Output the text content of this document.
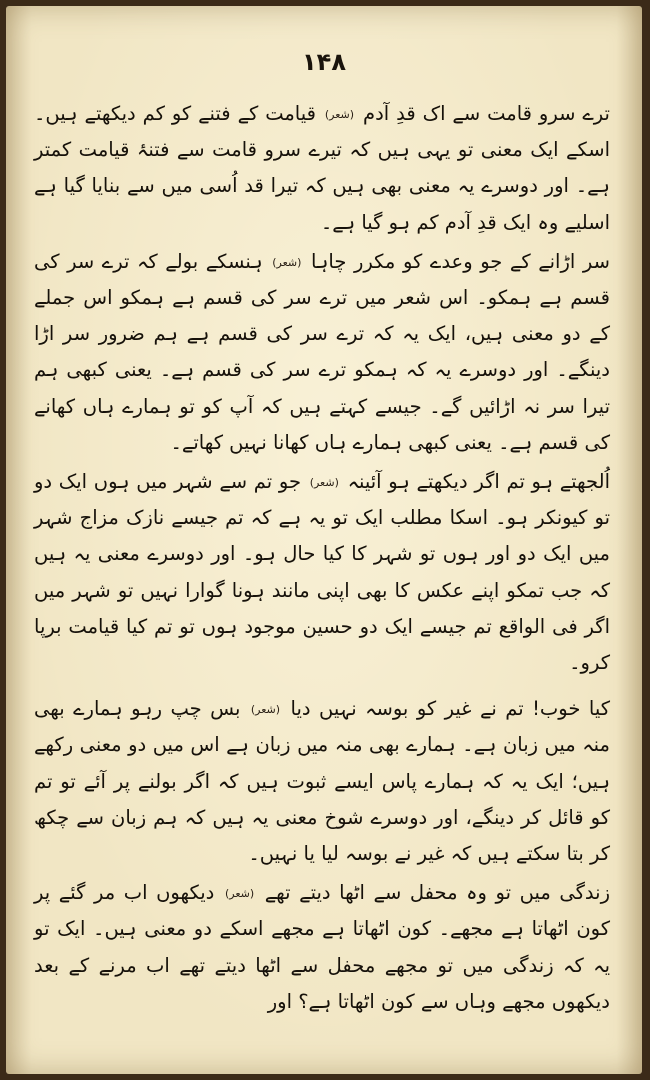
۱۴۸

ترے سرو قامت سے اک قدِ آدم (شعر) قیامت کے فتنے کو کم دیکھتے ہیں۔ اسکے ایک معنی تو یہی ہیں کہ تیرے سرو قامت سے فتنۂ قیامت کمتر ہے۔ اور دوسرے یہ معنی بھی ہیں کہ تیرا قد اُسی میں سے بنایا گیا ہے اسلیے وہ ایک قدِ آدم کم ہو گیا ہے۔

سر اڑانے کے جو وعدے کو مکرر چاہا (شعر) ہنسکے بولے کہ ترے سر کی قسم ہے ہمکو۔ اس شعر میں ترے سر کی قسم ہے ہمکو اس جملے کے دو معنی ہیں، ایک یہ کہ ترے سر کی قسم ہے ہم ضرور سر اڑا دینگے۔ اور دوسرے یہ کہ ہمکو ترے سر کی قسم ہے۔ یعنی کبھی ہم تیرا سر نہ اڑائیں گے۔ جیسے کہتے ہیں کہ آپ کو تو ہمارے ہاں کھانے کی قسم ہے۔ یعنی کبھی ہمارے ہاں کھانا نہیں کھاتے۔

اُلجھتے ہو تم اگر دیکھتے ہو آئینہ (شعر) جو تم سے شہر میں ہوں ایک دو تو کیونکر ہو۔ اسکا مطلب ایک تو یہ ہے کہ تم جیسے نازک مزاج شہر میں ایک دو اور ہوں تو شہر کا کیا حال ہو۔ اور دوسرے معنی یہ ہیں کہ جب تمکو اپنے عکس کا بھی اپنی مانند ہونا گوارا نہیں تو شہر میں اگر فی الواقع تم جیسے ایک دو حسین موجود ہوں تو تم کیا قیامت برپا کرو۔

کیا خوب! تم نے غیر کو بوسہ نہیں دیا (شعر) بس چپ رہو ہمارے بھی منہ میں زبان ہے۔ ہمارے بھی منہ میں زبان ہے اس میں دو معنی رکھے ہیں؛ ایک یہ کہ ہمارے پاس ایسے ثبوت ہیں کہ اگر بولنے پر آئے تو تم کو قائل کر دینگے، اور دوسرے شوخ معنی یہ ہیں کہ ہم زبان سے چکھ کر بتا سکتے ہیں کہ غیر نے بوسہ لیا یا نہیں۔

زندگی میں تو وہ محفل سے اٹھا دیتے تھے (شعر) دیکھوں اب مر گئے پر کون اٹھاتا ہے مجھے۔ کون اٹھاتا ہے مجھے اسکے دو معنی ہیں۔ ایک تو یہ کہ زندگی میں تو مجھے محفل سے اٹھا دیتے تھے اب مرنے کے بعد دیکھوں مجھے وہاں سے کون اٹھاتا ہے؟ اور
